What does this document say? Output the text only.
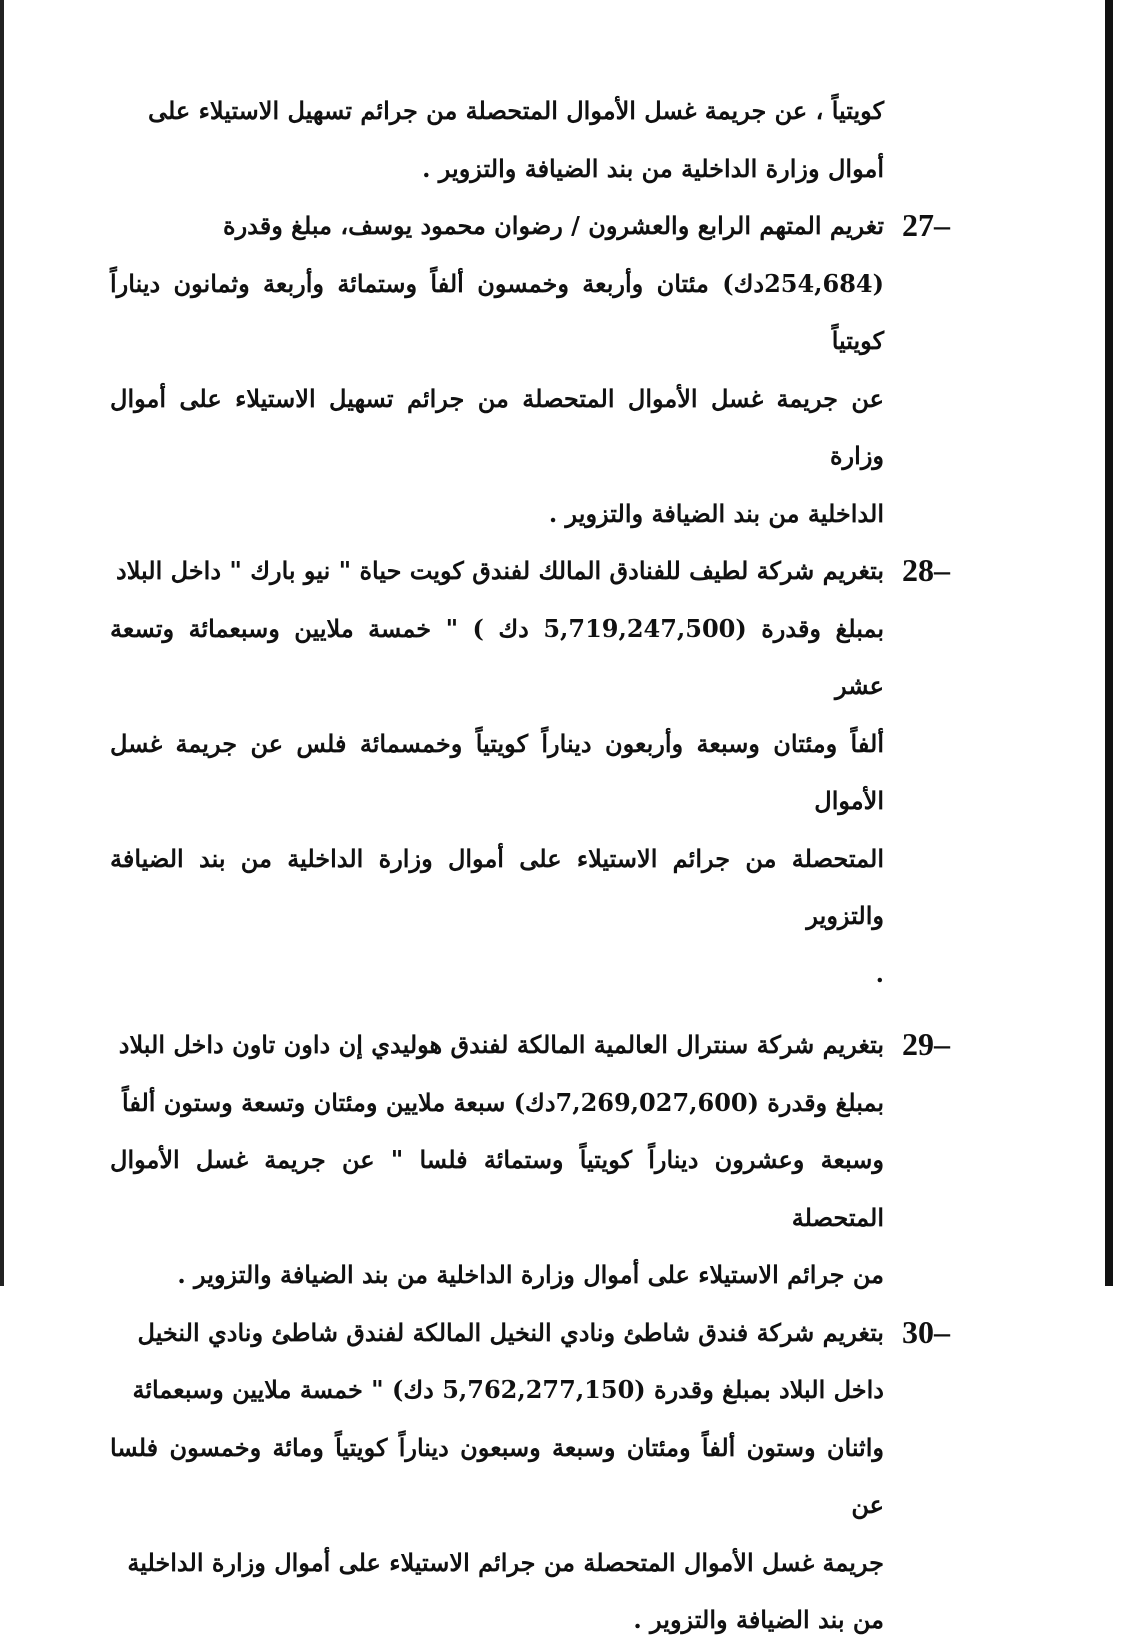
كويتياً ، عن جريمة غسل الأموال المتحصلة من جرائم تسهيل الاستيلاء على
أموال وزارة الداخلية من بند الضيافة والتزوير .
27–
تغريم المتهم الرابع والعشرون / رضوان محمود يوسف، مبلغ وقدرة
(254,684دك) مئتان وأربعة وخمسون ألفاً وستمائة وأربعة وثمانون ديناراً كويتياً
عن جريمة غسل الأموال المتحصلة من جرائم تسهيل الاستيلاء على أموال وزارة
الداخلية من بند الضيافة والتزوير .
28–
بتغريم شركة لطيف للفنادق المالك لفندق كويت حياة " نيو بارك " داخل البلاد
بمبلغ وقدرة (5,719,247,500 دك ) " خمسة ملايين وسبعمائة وتسعة عشر
ألفاً ومئتان وسبعة وأربعون ديناراً كويتياً وخمسمائة فلس عن جريمة غسل الأموال
المتحصلة من جرائم الاستيلاء على أموال وزارة الداخلية من بند الضيافة والتزوير
.
29–
بتغريم شركة سنترال العالمية المالكة لفندق هوليدي إن داون تاون داخل البلاد
بمبلغ وقدرة (7,269,027,600دك) سبعة ملايين ومئتان وتسعة وستون ألفاً
وسبعة وعشرون ديناراً كويتياً وستمائة فلسا " عن جريمة غسل الأموال المتحصلة
من جرائم الاستيلاء على أموال وزارة الداخلية من بند الضيافة والتزوير .
30–
بتغريم شركة فندق شاطئ ونادي النخيل المالكة لفندق شاطئ ونادي النخيل
داخل البلاد بمبلغ وقدرة (5,762,277,150 دك) " خمسة ملايين وسبعمائة
واثنان وستون ألفاً ومئتان وسبعة وسبعون ديناراً كويتياً ومائة وخمسون فلسا عن
جريمة غسل الأموال المتحصلة من جرائم الاستيلاء على أموال وزارة الداخلية
من بند الضيافة والتزوير .
